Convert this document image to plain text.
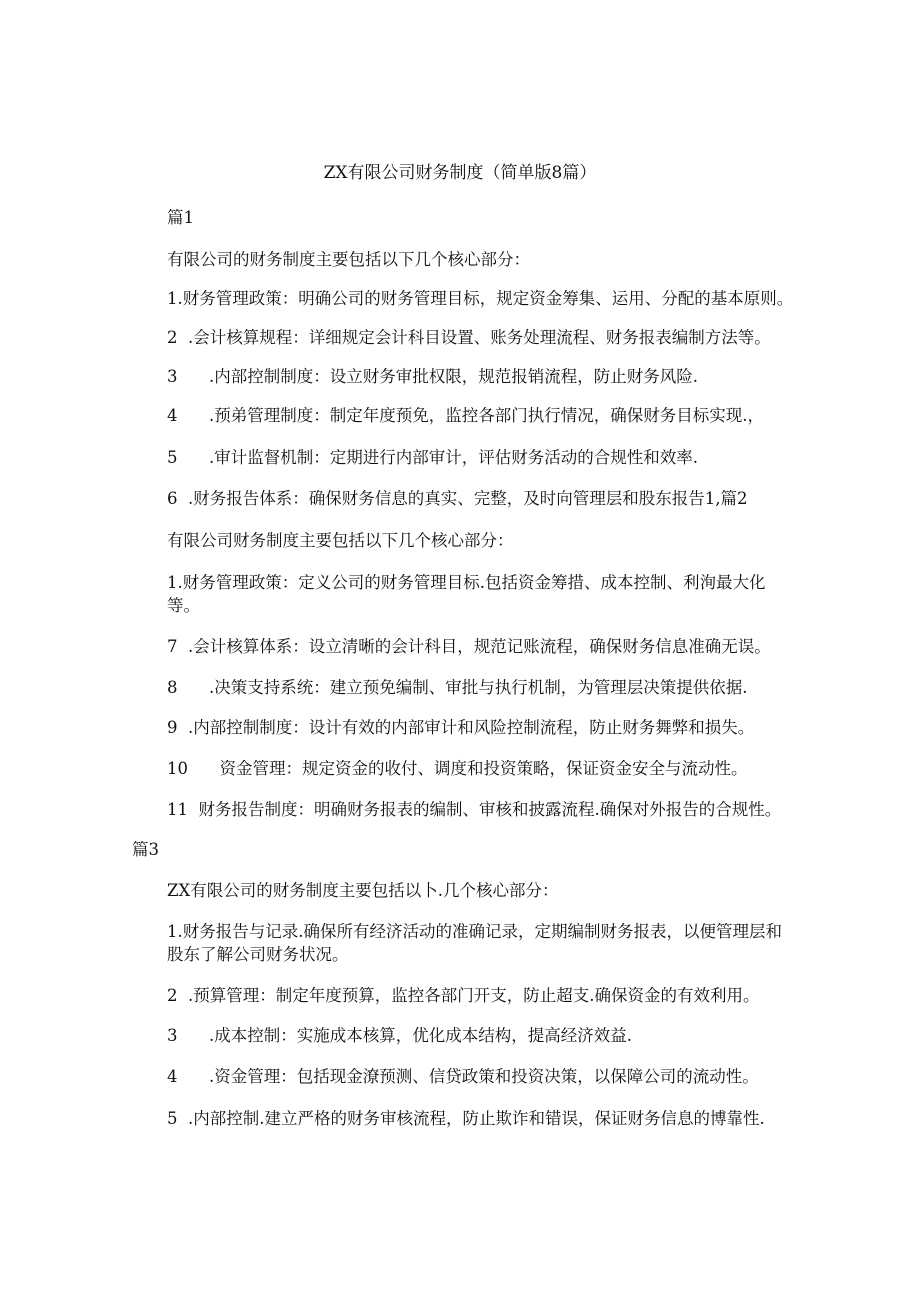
ZX有限公司财务制度（简单版8篇）
篇1
有限公司的财务制度主要包括以下几个核心部分：
1.财务管理政策：明确公司的财务管理目标，规定资金筹集、运用、分配的基本原则。
2  .会计核算规程：详细规定会计科目设置、账务处理流程、财务报表编制方法等。
3      .内部控制制度：设立财务审批权限，规范报销流程，防止财务风险.
4      .预弟管理制度：制定年度预免，监控各部门执行情况，确保财务目标实现.，
5      .审计监督机制：定期进行内部审计，评估财务活动的合规性和效率.
6  .财务报告体系：确保财务信息的真实、完整，及时向管理层和股东报告1,篇2
有限公司财务制度主要包括以下几个核心部分：
1.财务管理政策：定义公司的财务管理目标.包括资金筹措、成本控制、利洵最大化等。
7  .会计核算体系：设立清晰的会计科目，规范记账流程，确保财务信息准确无误。
8      .决策支持系统：建立预免编制、审批与执行机制，为管理层决策提供依据.
9  .内部控制制度：设计有效的内部审计和风险控制流程，防止财务舞弊和损失。
10      资金管理：规定资金的收付、调度和投资策略，保证资金安全与流动性。
11  财务报告制度：明确财务报表的编制、审核和披露流程.确保对外报告的合规性。
篇3
ZX有限公司的财务制度主要包括以卜.几个核心部分：
1.财务报告与记录.确保所有经济活动的准确记录，定期编制财务报表，以便管理层和股东了解公司财务状况。
2  .预算管理：制定年度预算，监控各部门开支，防止超支.确保资金的有效利用。
3      .成本控制：实施成本核算，优化成本结构，提高经济效益.
4      .资金管理：包括现金潦预测、信贷政策和投资决策，以保障公司的流动性。
5  .内部控制.建立严格的财务审核流程，防止欺诈和错误，保证财务信息的博靠性.
